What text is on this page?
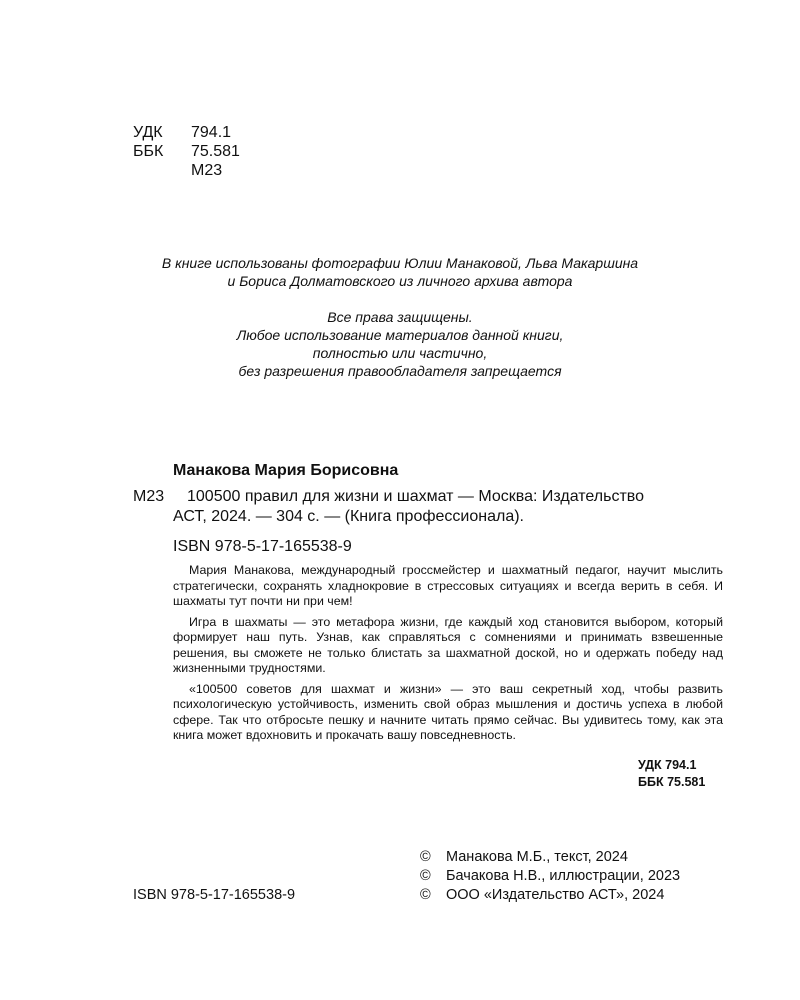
УДК 794.1
ББК 75.581
М23
В книге использованы фотографии Юлии Манаковой, Льва Макаршина
и Бориса Долматовского из личного архива автора
Все права защищены.
Любое использование материалов данной книги,
полностью или частично,
без разрешения правообладателя запрещается
Манакова Мария Борисовна
М23 100500 правил для жизни и шахмат — Москва: Издательство
АСТ, 2024. — 304 с. — (Книга профессионала).
ISBN 978-5-17-165538-9

Мария Манакова, международный гроссмейстер и шахматный педагог, научит мыслить стратегически, сохранять хладнокровие в стрессовых ситуациях и всегда верить в себя. И шахматы тут почти ни при чем!

Игра в шахматы — это метафора жизни, где каждый ход становится выбором, который формирует наш путь. Узнав, как справляться с сомнениями и принимать взвешенные решения, вы сможете не только блистать за шахматной доской, но и одержать победу над жизненными трудностями.

«100500 советов для шахмат и жизни» — это ваш секретный ход, чтобы развить психологическую устойчивость, изменить свой образ мышления и достичь успеха в любой сфере. Так что отбросьте пешку и начните читать прямо сейчас. Вы удивитесь тому, как эта книга может вдохновить и прокачать вашу повседневность.

УДК 794.1
ББК 75.581
ISBN 978-5-17-165538-9
© Манакова М.Б., текст, 2024
© Бачакова Н.В., иллюстрации, 2023
© ООО «Издательство АСТ», 2024
